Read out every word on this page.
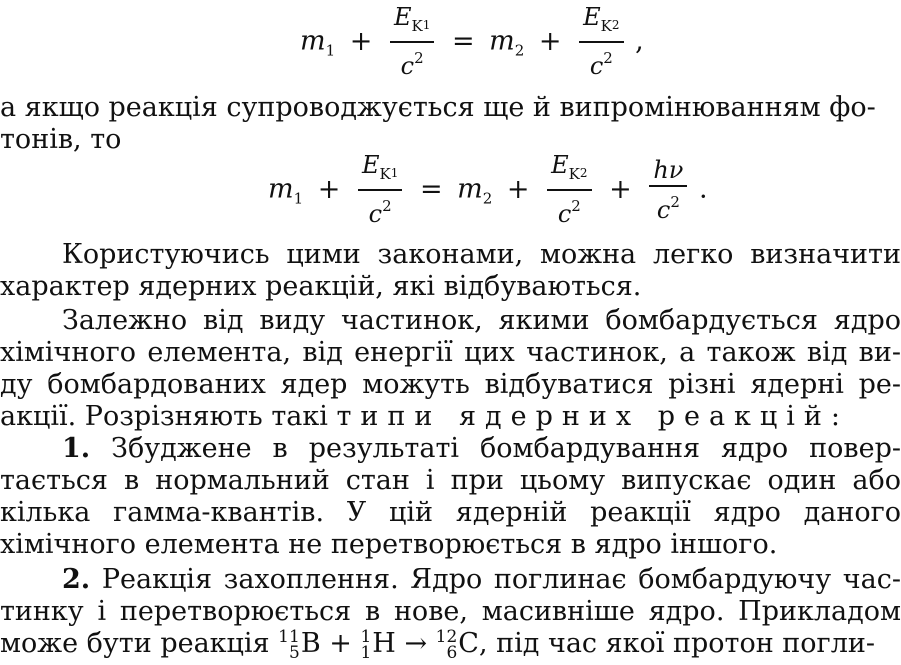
$m_1 + \frac{E_K1}{c^2} = m_2 + \frac{E_K2}{c^2}$ ,
а якщо реакція супроводжується ще й випромінюванням фо-
тонів, то
$m_1 + \frac{E_K1}{c^2} = m_2 + \frac{E_K2}{c^2} + \frac{h\nu}{c^2}$ .
Користуючись цими законами, можна легко визначити
характер ядерних реакцій, які відбуваються.
Залежно від виду частинок, якими бомбардується ядро
хімічного елемента, від енергії цих частинок, а також від ви-
ду бомбардованих ядер можуть відбуватися різні ядерні ре-
акції. Розрізняють такі типи ядерних реакцій:
1. Збуджене в результаті бомбардування ядро повер-
тається в нормальний стан і при цьому випускає один або
кілька гамма-квантів. У цій ядерній реакції ядро даного
хімічного елемента не перетворюється в ядро іншого.
2. Реакція захоплення. Ядро поглинає бомбардуючу час-
тинку і перетворюється в нове, масивніше ядро. Прикладом
може бути реакція 11
5 B + 1
1 H → 12
6 C, під час якої протон погли-
